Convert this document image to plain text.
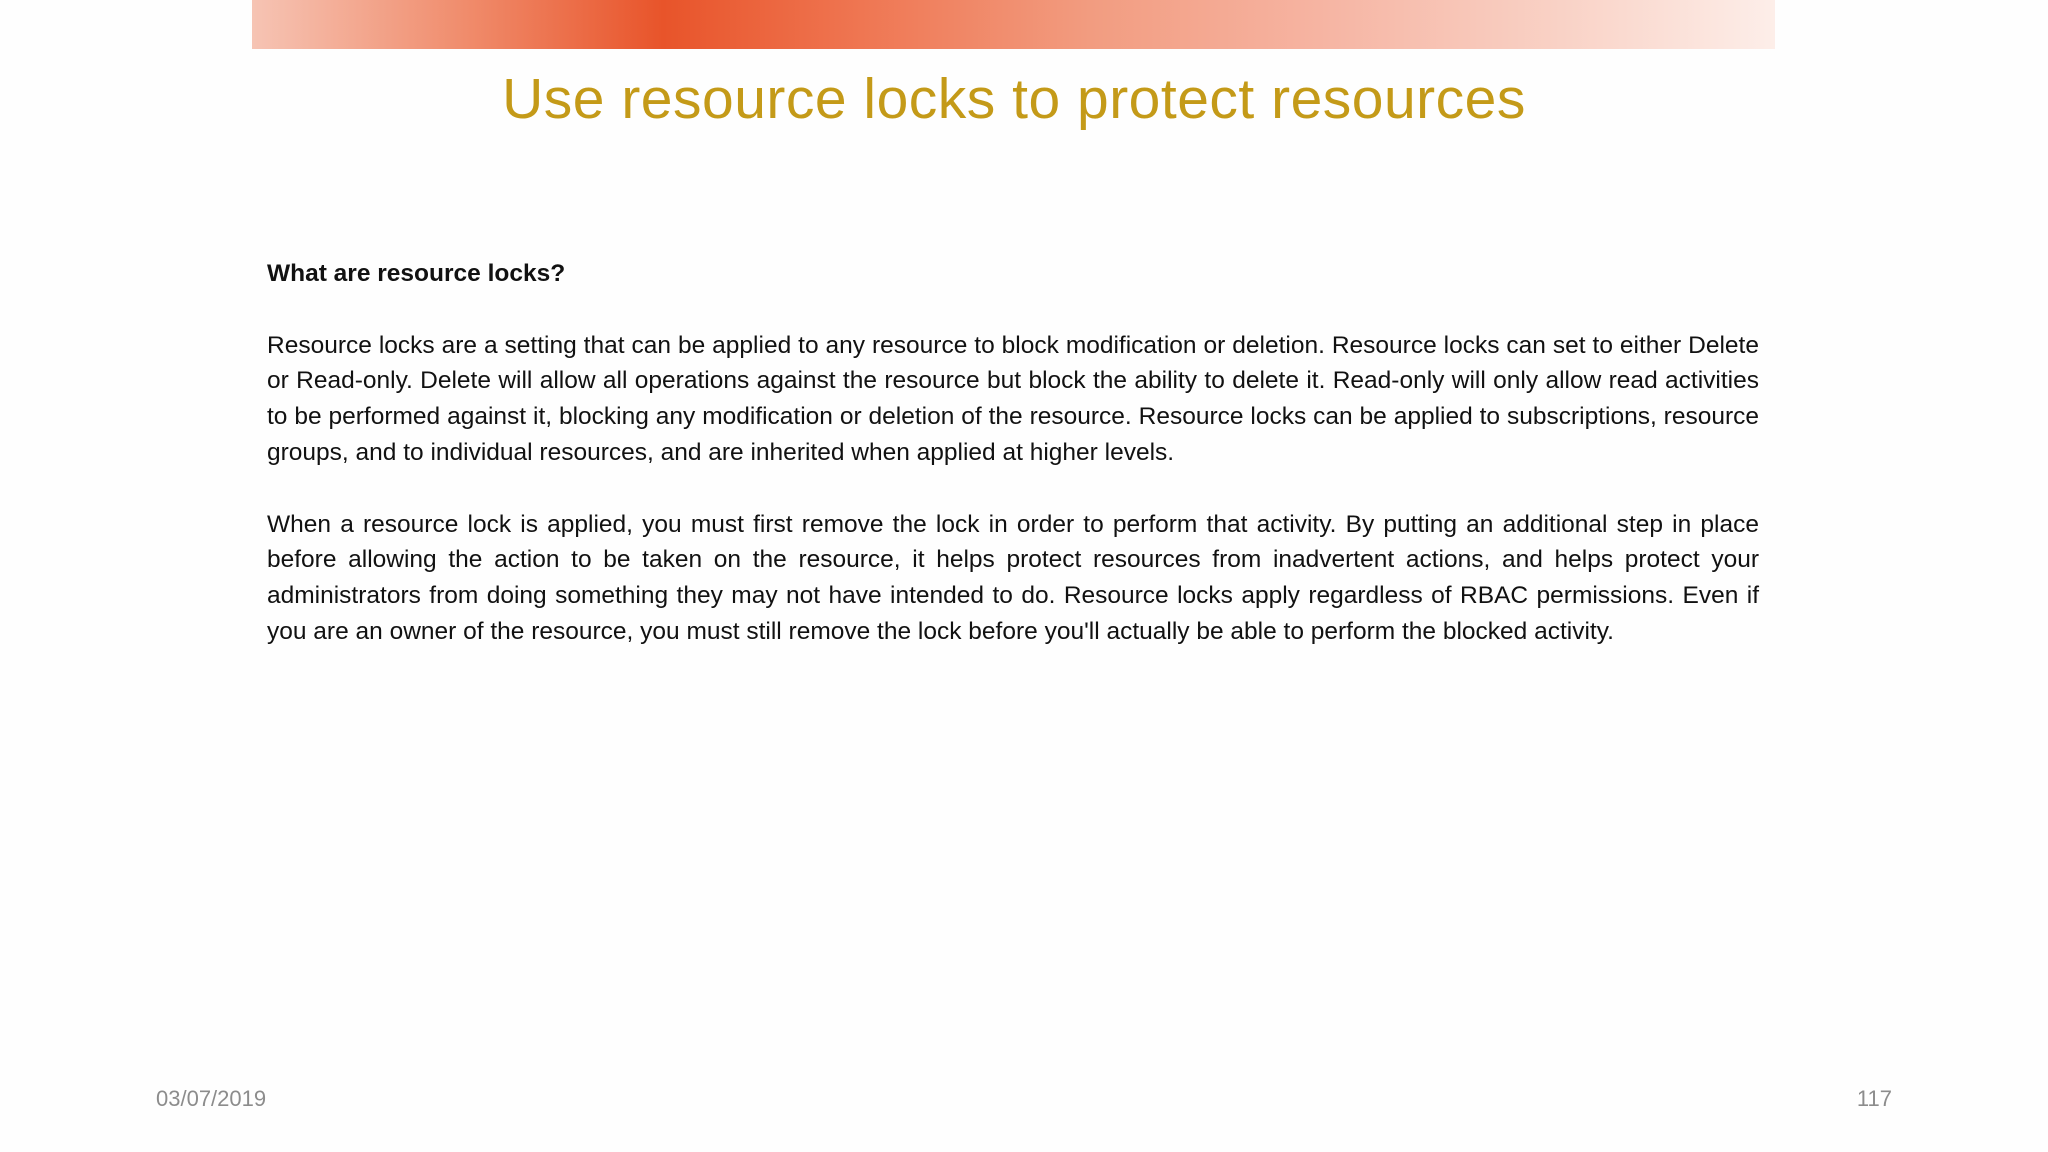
Use resource locks to protect resources

What are resource locks?

Resource locks are a setting that can be applied to any resource to block modification or deletion. Resource locks can set to either Delete or Read-only. Delete will allow all operations against the resource but block the ability to delete it. Read-only will only allow read activities to be performed against it, blocking any modification or deletion of the resource. Resource locks can be applied to subscriptions, resource groups, and to individual resources, and are inherited when applied at higher levels.

When a resource lock is applied, you must first remove the lock in order to perform that activity. By putting an additional step in place before allowing the action to be taken on the resource, it helps protect resources from inadvertent actions, and helps protect your administrators from doing something they may not have intended to do. Resource locks apply regardless of RBAC permissions. Even if you are an owner of the resource, you must still remove the lock before you'll actually be able to perform the blocked activity.

03/07/2019	117
